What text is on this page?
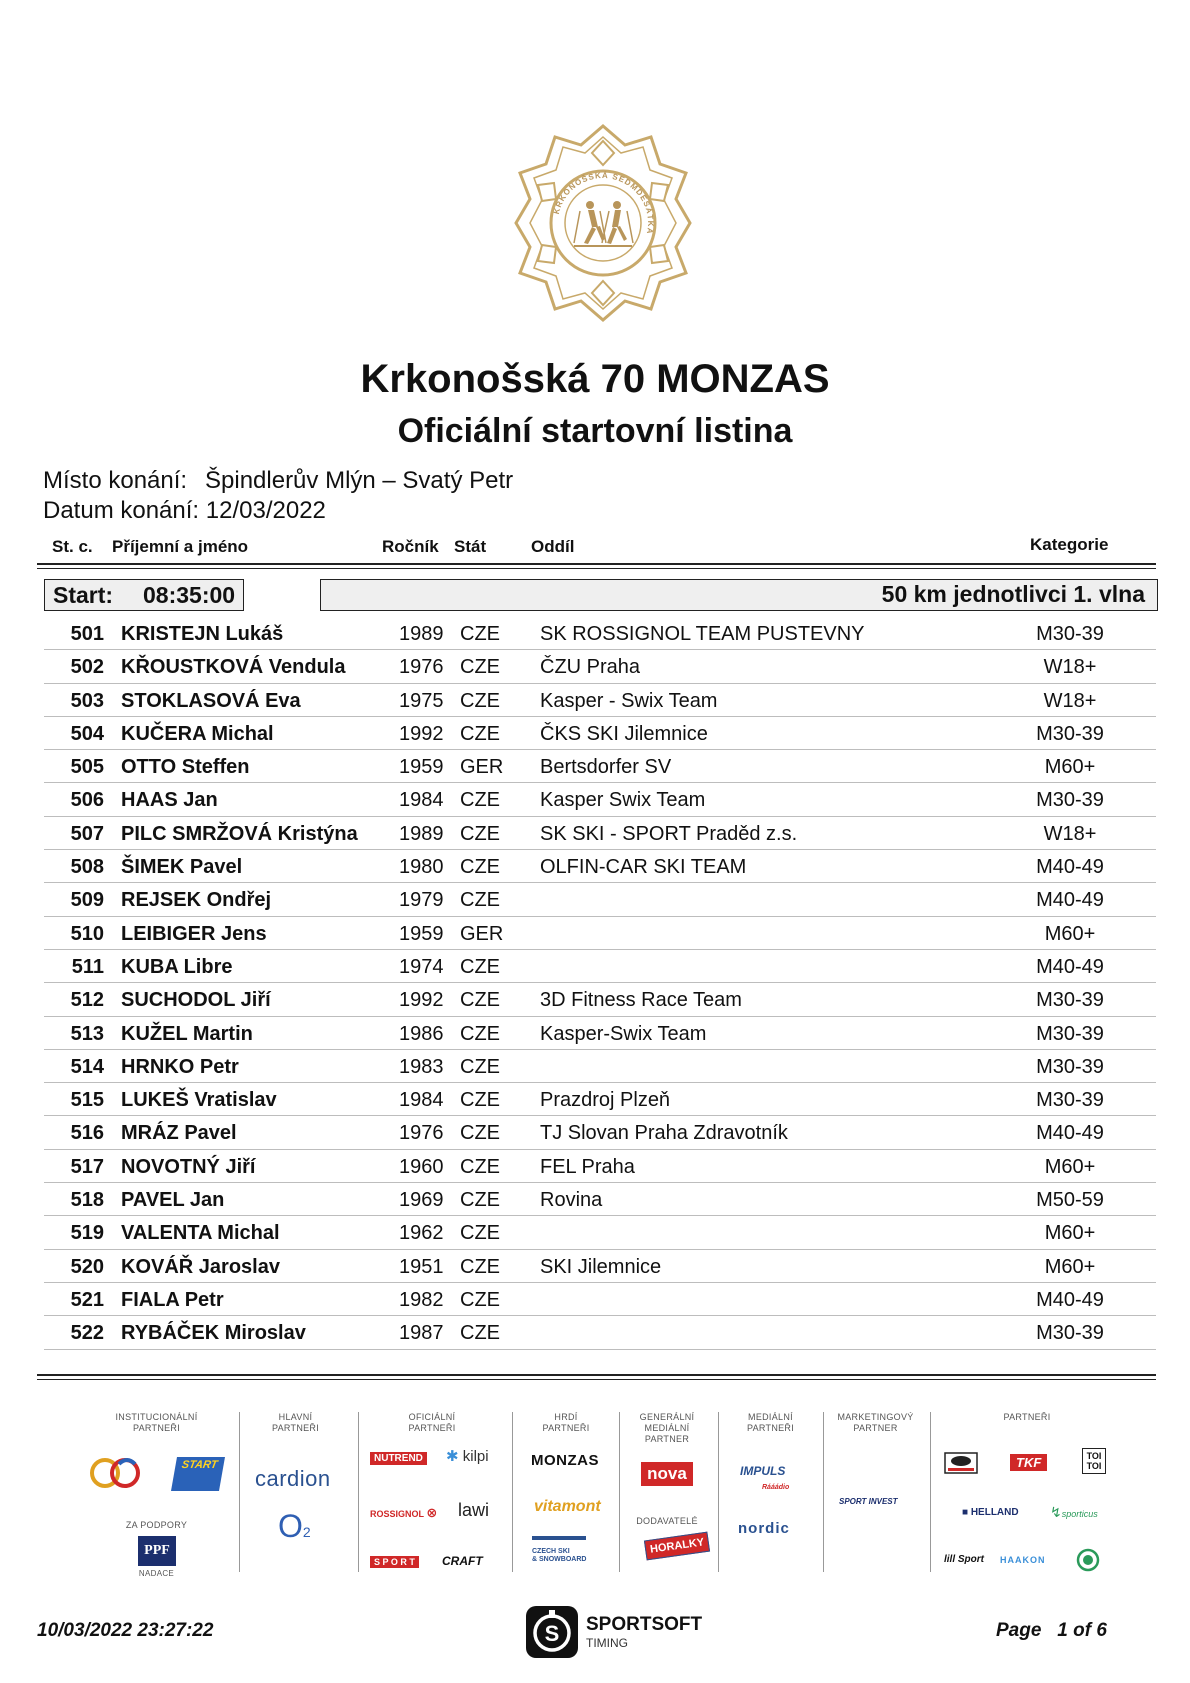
KRKONOŠSKÁ SEDMDESÁTKA
Krkonošská 70 MONZAS
Oficiální startovní listina
Místo konání: Špindlerův Mlýn – Svatý Petr
Datum konání: 12/03/2022
St. c. Příjemní a jméno	Ročník Stát	Oddíl	Kategorie
Start: 08:35:00	50 km jednotlivci 1. vlna
501 KRISTEJN Lukáš	1989 CZE SK ROSSIGNOL TEAM PUSTEVNY	M30-39
502 KŘOUSTKOVÁ Vendula	1976 CZE ČZU Praha	W18+
503 STOKLASOVÁ Eva	1975 CZE Kasper - Swix Team	W18+
504 KUČERA Michal	1992 CZE ČKS SKI Jilemnice	M30-39
505 OTTO Steffen	1959 GER Bertsdorfer SV	M60+
506 HAAS Jan	1984 CZE Kasper Swix Team	M30-39
507 PILC SMRŽOVÁ Kristýna 1989 CZE SK SKI - SPORT Praděd z.s.	W18+
508 ŠIMEK Pavel	1980 CZE OLFIN-CAR SKI TEAM	M40-49
509 REJSEK Ondřej	1979 CZE	M40-49
510 LEIBIGER Jens	1959 GER	M60+
511 KUBA Libre	1974 CZE	M40-49
512 SUCHODOL Jiří	1992 CZE 3D Fitness Race Team	M30-39
513 KUŽEL Martin	1986 CZE Kasper-Swix Team	M30-39
514 HRNKO Petr	1983 CZE	M30-39
515 LUKEŠ Vratislav	1984 CZE Prazdroj Plzeň	M30-39
516 MRÁZ Pavel	1976 CZE TJ Slovan Praha Zdravotník	M40-49
517 NOVOTNÝ Jiří	1960 CZE FEL Praha	M60+
518 PAVEL Jan	1969 CZE Rovina	M50-59
519 VALENTA Michal	1962 CZE	M60+
520 KOVÁŘ Jaroslav	1951 CZE SKI Jilemnice	M60+
521 FIALA Petr	1982 CZE	M40-49
522 RYBÁČEK Miroslav	1987 CZE	M30-39
INSTITUCIONÁLNÍ
PARTNEŘI
START
ZA PODPORY
PPF
NADACE
HLAVNÍ
PARTNEŘI
cardion
O2
OFICIÁLNÍ
PARTNEŘI
NUTREND ✱ kilpi
ROSSIGNOL ⊗ lawi
S P O R T	CRAFT
HRDÍ
PARTNEŘI
MONZAS
vitamont
CZECH SKI
& SNOWBOARD
GENERÁLNÍ
MEDIÁLNÍ
PARTNER
nova
DODAVATELÉ
HORALKY
MEDIÁLNÍ
PARTNEŘI
IMPULS
Rááádio
nordic
MARKETINGOVÝ
PARTNER
SPORT INVEST
PARTNEŘI
TKF	TOI TOI
■ HELLAND ↯sporticus
lill Sport HAAKON
10/03/2022 23:27:22	S SPORTSOFT
TIMING
Page 1 of 6
